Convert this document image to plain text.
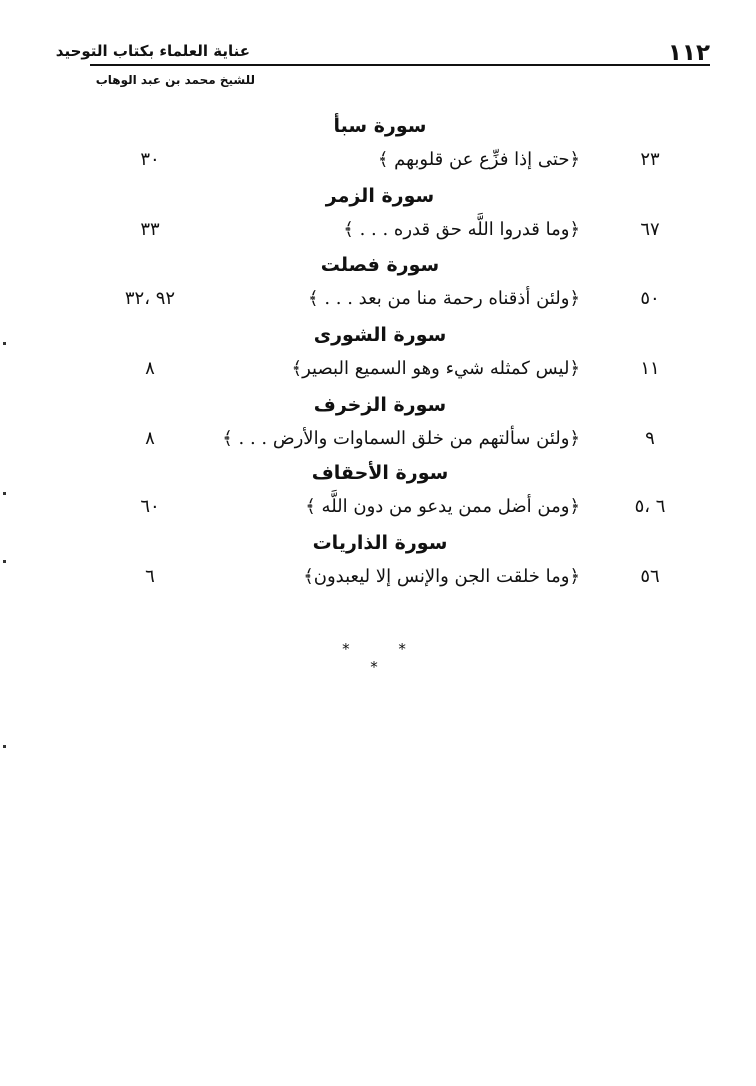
١١٢
عناية العلماء بكتاب التوحيد
للشيخ محمد بن عبد الوهاب
سورة سبأ
٢٣
﴿حتى إذا فزِّع عن قلوبهم ﴾
٣٠
سورة الزمر
٦٧
﴿وما قدروا اللَّه حق قدره . . . ﴾
٣٣
سورة فصلت
٥٠
﴿ولئن أذقناه رحمة منا من بعد . . . ﴾
٩٢ ،٣٢
سورة الشورى
١١
﴿ليس كمثله شيء وهو السميع البصير﴾
٨
سورة الزخرف
٩
﴿ولئن سألتهم من خلق السماوات والأرض . . . ﴾
٨
سورة الأحقاف
٦ ،٥
﴿ومن أضل ممن يدعو من دون اللَّه ﴾
٦٠
سورة الذاريات
٥٦
﴿وما خلقت الجن والإنس إلا ليعبدون﴾
٦
* * *
